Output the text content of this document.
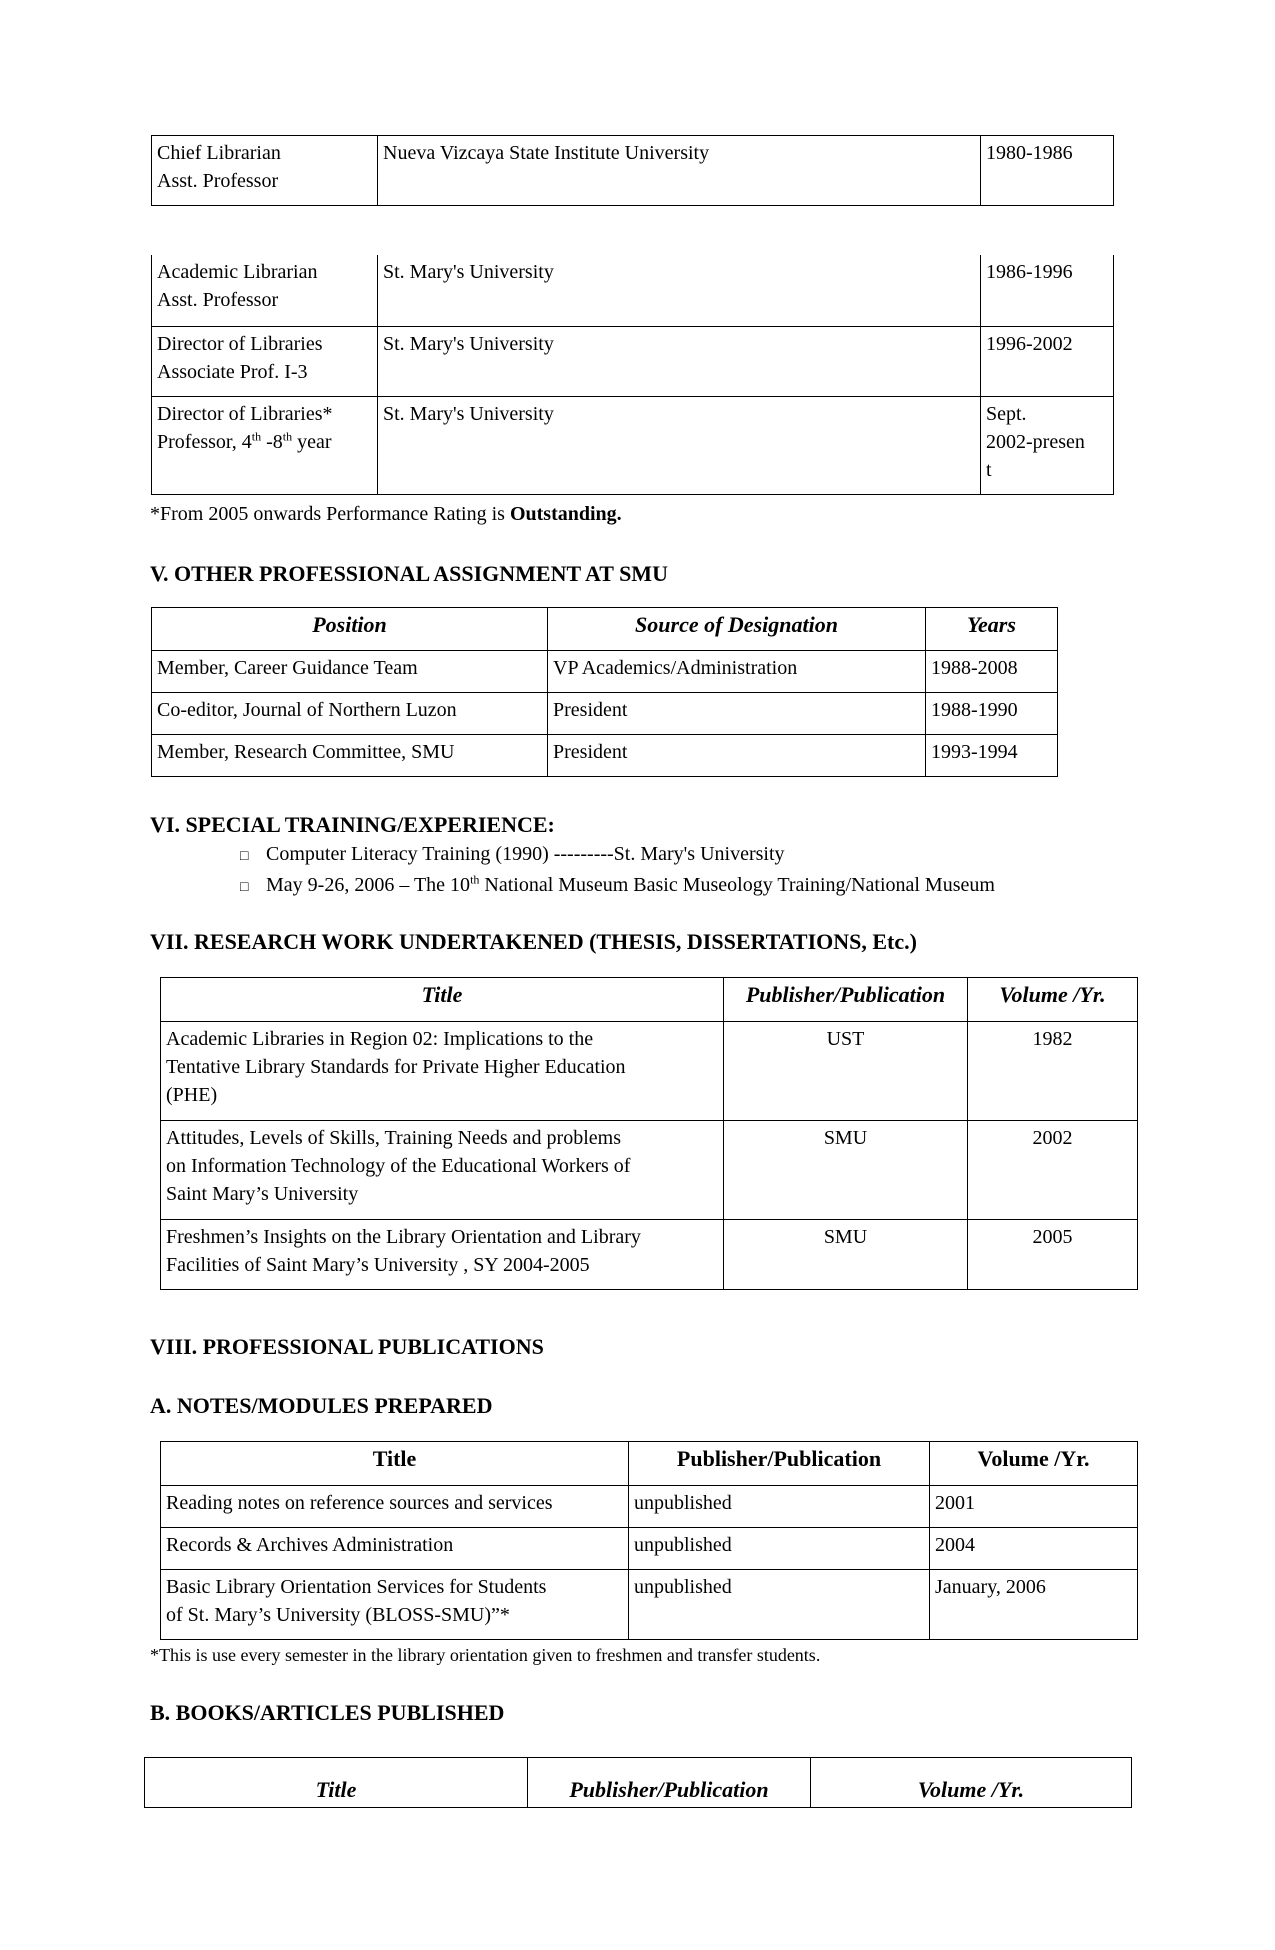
Chief Librarian
Asst. Professor
	Nueva Vizcaya State Institute University	1980-1986
Academic Librarian
Asst. Professor	St. Mary's University	1986-1996

Director of Libraries
Associate Prof. I-3	St. Mary's University	1996-2002

Director of Libraries*
Professor, 4th -8th year	St. Mary's University	Sept.
2002-presen
t
*From 2005 onwards Performance Rating is Outstanding.
V. OTHER PROFESSIONAL ASSIGNMENT AT SMU
Position	Source of Designation	Years
Member, Career Guidance Team	VP Academics/Administration	1988-2008
Co-editor, Journal of Northern Luzon	President	1988-1990
Member, Research Committee, SMU	President	1993-1994
VI. SPECIAL TRAINING/EXPERIENCE:
□ Computer Literacy Training (1990) ---------St. Mary's University
□ May 9-26, 2006 – The 10th National Museum Basic Museology Training/National Museum
VII. RESEARCH WORK UNDERTAKENED (THESIS, DISSERTATIONS, Etc.)
Title	Publisher/Publication	Volume /Yr.

Academic Libraries in Region 02: Implications to the
Tentative Library Standards for Private Higher Education
(PHE)	UST	1982

Attitudes, Levels of Skills, Training Needs and problems
on Information Technology of the Educational Workers of
Saint Mary’s University	SMU	2002

Freshmen’s Insights on the Library Orientation and Library
Facilities of Saint Mary’s University , SY 2004-2005	SMU	2005
VIII. PROFESSIONAL PUBLICATIONS
A. NOTES/MODULES PREPARED
Title	Publisher/Publication	Volume /Yr.
Reading notes on reference sources and services	unpublished	2001
Records & Archives Administration	unpublished	2004

Basic Library Orientation Services for Students
of St. Mary’s University (BLOSS-SMU)”*	unpublished	January, 2006
*This is use every semester in the library orientation given to freshmen and transfer students.
B. BOOKS/ARTICLES PUBLISHED
Title	Publisher/Publication	Volume /Yr.
